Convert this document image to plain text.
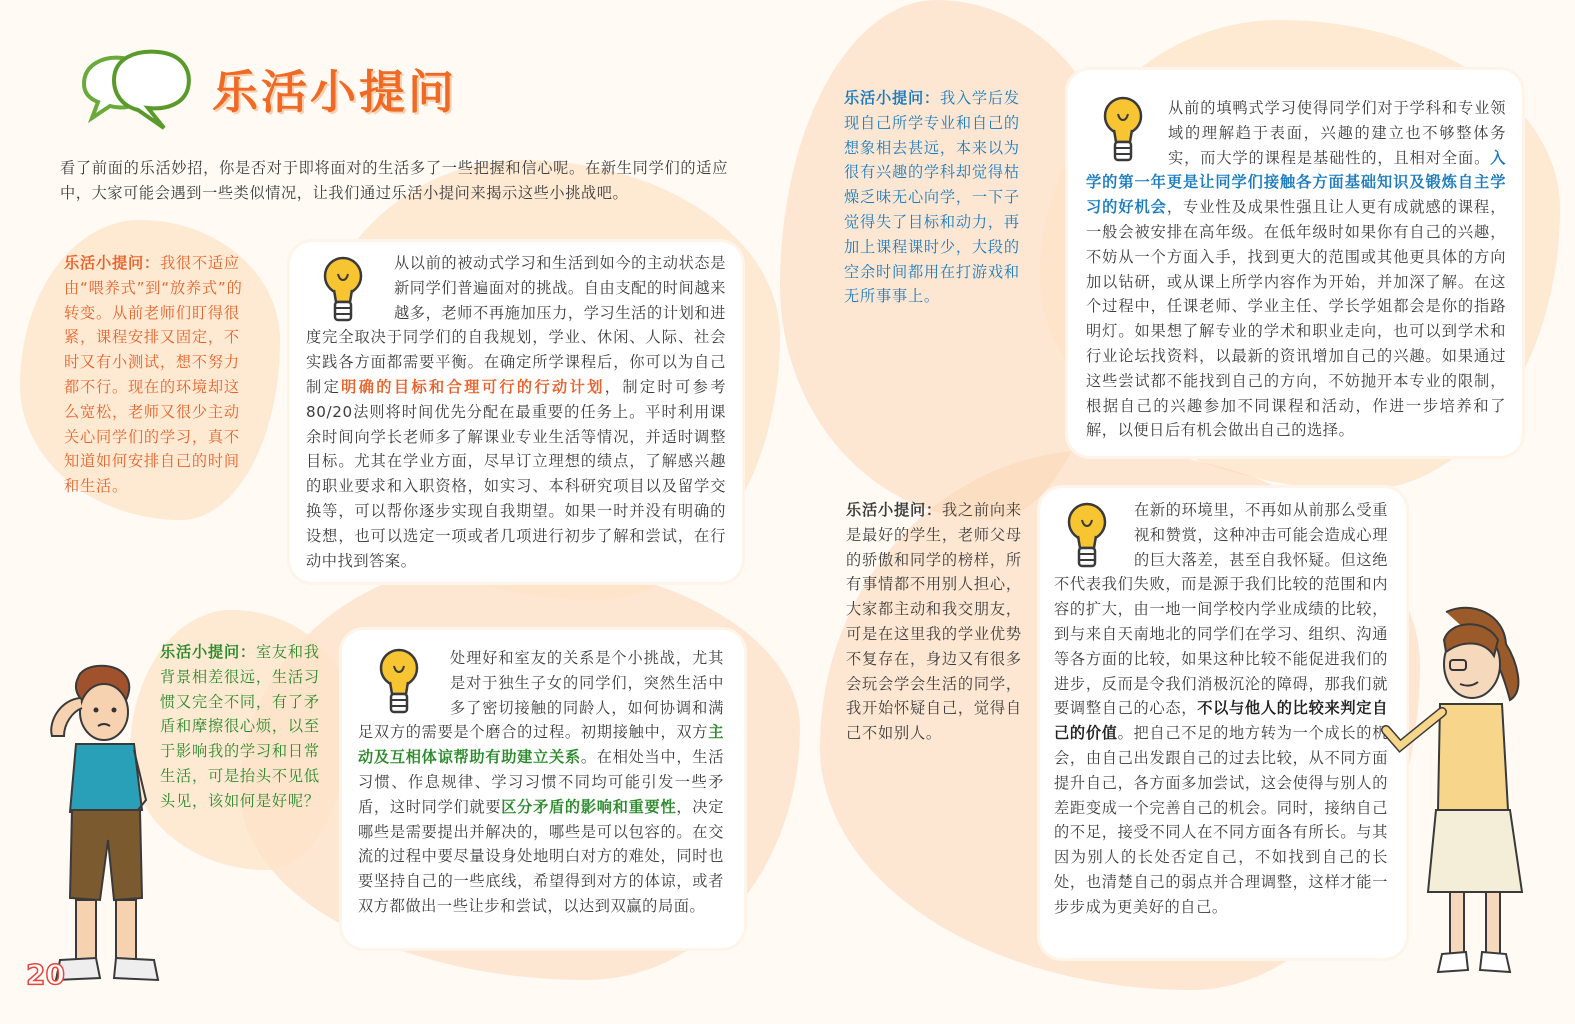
乐活小提问

看了前面的乐活妙招，你是否对于即将面对的生活多了一些把握和信心呢。在新生同学们的适应中，大家可能会遇到一些类似情况，让我们通过乐活小提问来揭示这些小挑战吧。

乐活小提问：我很不适应由“喂养式”到“放养式”的转变。从前老师们盯得很紧，课程安排又固定，不时又有小测试，想不努力都不行。现在的环境却这么宽松，老师又很少主动关心同学们的学习，真不知道如何安排自己的时间和生活。

从以前的被动式学习和生活到如今的主动状态是新同学们普遍面对的挑战。自由支配的时间越来越多，老师不再施加压力，学习生活的计划和进度完全取决于同学们的自我规划，学业、休闲、人际、社会实践各方面都需要平衡。在确定所学课程后，你可以为自己制定明确的目标和合理可行的行动计划，制定时可参考80/20法则将时间优先分配在最重要的任务上。平时利用课余时间向学长老师多了解课业专业生活等情况，并适时调整目标。尤其在学业方面，尽早订立理想的绩点，了解感兴趣的职业要求和入职资格，如实习、本科研究项目以及留学交换等，可以帮你逐步实现自我期望。如果一时并没有明确的设想，也可以选定一项或者几项进行初步了解和尝试，在行动中找到答案。

乐活小提问：室友和我背景相差很远，生活习惯又完全不同，有了矛盾和摩擦很心烦，以至于影响我的学习和日常生活，可是抬头不见低头见，该如何是好呢？

处理好和室友的关系是个小挑战，尤其是对于独生子女的同学们，突然生活中多了密切接触的同龄人，如何协调和满足双方的需要是个磨合的过程。初期接触中，双方主动及互相体谅帮助有助建立关系。在相处当中，生活习惯、作息规律、学习习惯不同均可能引发一些矛盾，这时同学们就要区分矛盾的影响和重要性，决定哪些是需要提出并解决的，哪些是可以包容的。在交流的过程中要尽量设身处地明白对方的难处，同时也要坚持自己的一些底线，希望得到对方的体谅，或者双方都做出一些让步和尝试，以达到双赢的局面。

20
乐活小提问：我入学后发现自己所学专业和自己的想象相去甚远，本来以为很有兴趣的学科却觉得枯燥乏味无心向学，一下子觉得失了目标和动力，再加上课程课时少，大段的空余时间都用在打游戏和无所事事上。

从前的填鸭式学习使得同学们对于学科和专业领域的理解趋于表面，兴趣的建立也不够整体务实，而大学的课程是基础性的，且相对全面。入学的第一年更是让同学们接触各方面基础知识及锻炼自主学习的好机会，专业性及成果性强且让人更有成就感的课程，一般会被安排在高年级。在低年级时如果你有自己的兴趣，不妨从一个方面入手，找到更大的范围或其他更具体的方向加以钻研，或从课上所学内容作为开始，并加深了解。在这个过程中，任课老师、学业主任、学长学姐都会是你的指路明灯。如果想了解专业的学术和职业走向，也可以到学术和行业论坛找资料，以最新的资讯增加自己的兴趣。如果通过这些尝试都不能找到自己的方向，不妨抛开本专业的限制，根据自己的兴趣参加不同课程和活动，作进一步培养和了解，以便日后有机会做出自己的选择。

乐活小提问：我之前向来是最好的学生，老师父母的骄傲和同学的榜样，所有事情都不用别人担心，大家都主动和我交朋友，可是在这里我的学业优势不复存在，身边又有很多会玩会学会生活的同学，我开始怀疑自己，觉得自己不如别人。

在新的环境里，不再如从前那么受重视和赞赏，这种冲击可能会造成心理的巨大落差，甚至自我怀疑。但这绝不代表我们失败，而是源于我们比较的范围和内容的扩大，由一地一间学校内学业成绩的比较，到与来自天南地北的同学们在学习、组织、沟通等各方面的比较，如果这种比较不能促进我们的进步，反而是令我们消极沉沦的障碍，那我们就要调整自己的心态，不以与他人的比较来判定自己的价值。把自己不足的地方转为一个成长的机会，由自己出发跟自己的过去比较，从不同方面提升自己，各方面多加尝试，这会使得与别人的差距变成一个完善自己的机会。同时，接纳自己的不足，接受不同人在不同方面各有所长。与其因为别人的长处否定自己，不如找到自己的长处，也清楚自己的弱点并合理调整，这样才能一步步成为更美好的自己。
